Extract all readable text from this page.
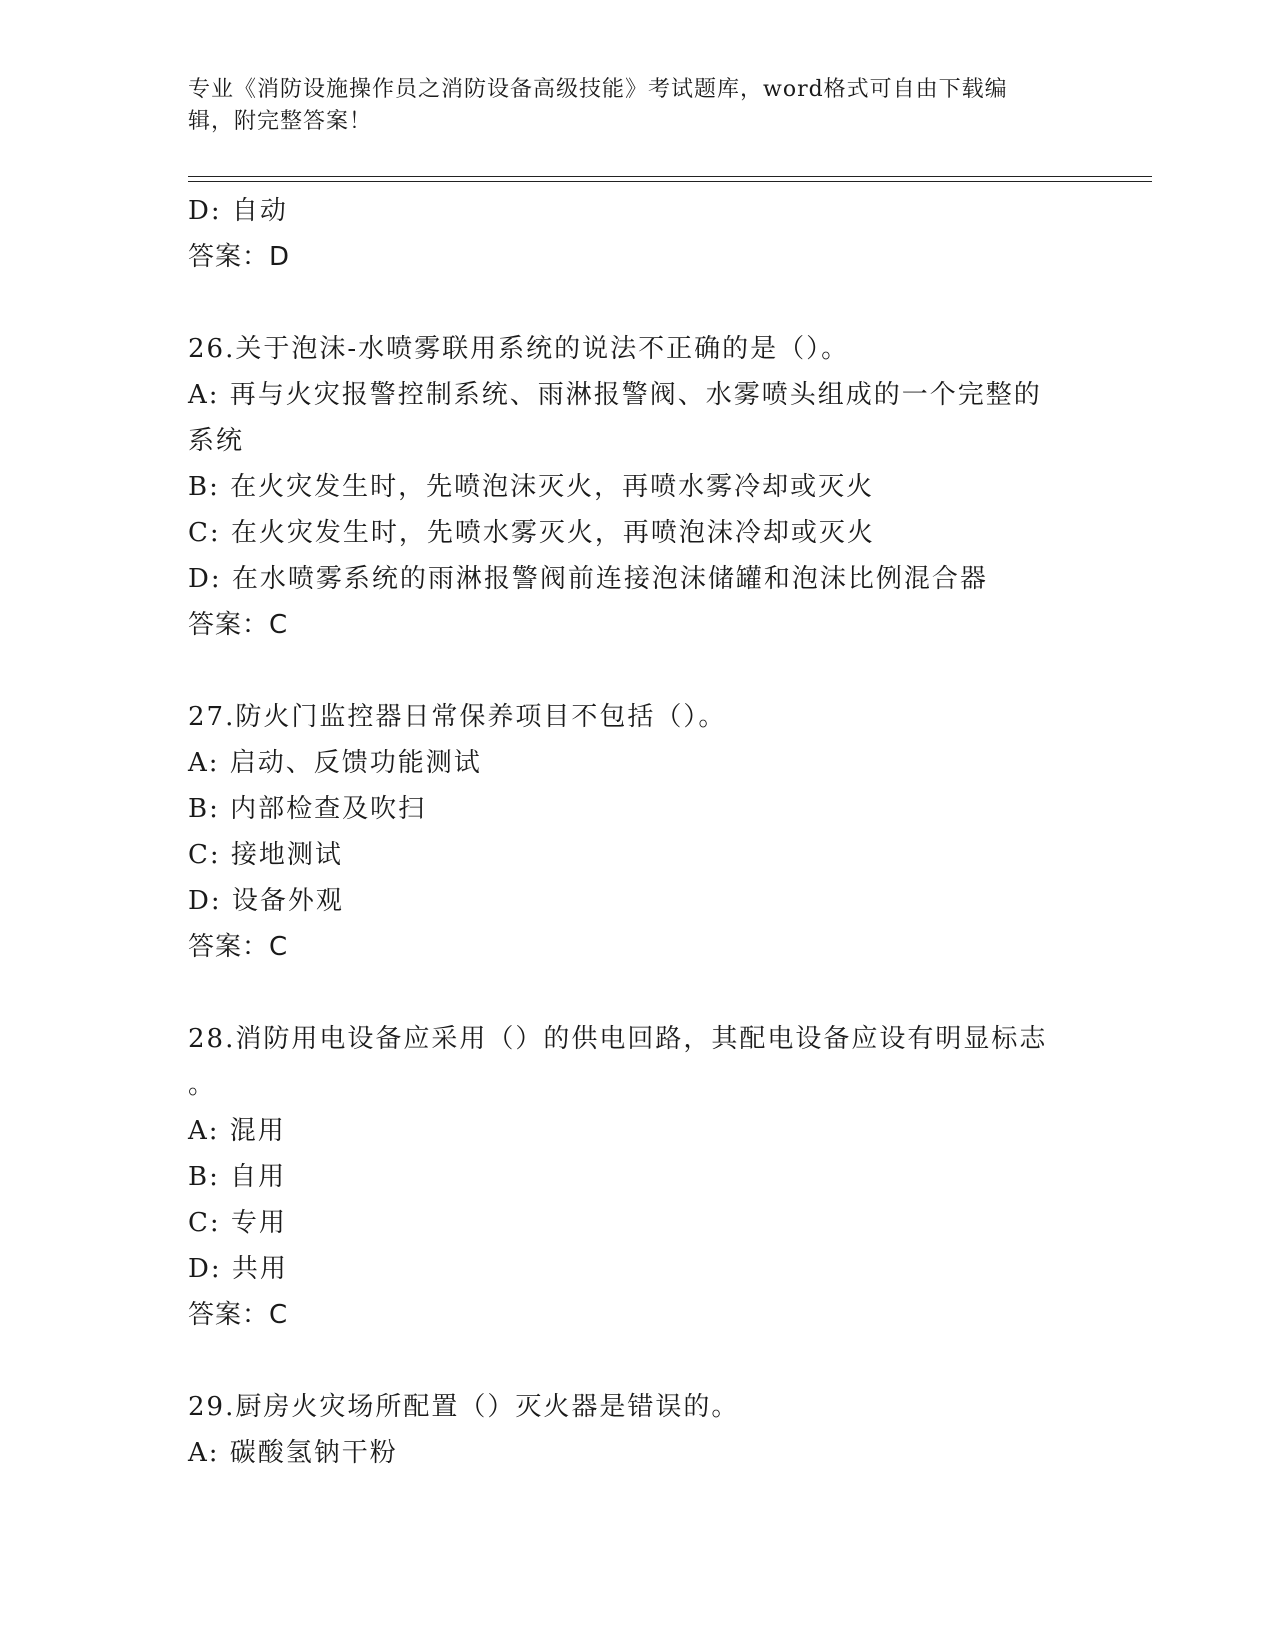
专业《消防设施操作员之消防设备高级技能》考试题库，word格式可自由下载编
辑，附完整答案！
D: 自动
答案：D
26.关于泡沫-水喷雾联用系统的说法不正确的是（）。
A: 再与火灾报警控制系统、雨淋报警阀、水雾喷头组成的一个完整的
系统
B: 在火灾发生时，先喷泡沫灭火，再喷水雾冷却或灭火
C: 在火灾发生时，先喷水雾灭火，再喷泡沫冷却或灭火
D: 在水喷雾系统的雨淋报警阀前连接泡沫储罐和泡沫比例混合器
答案：C
27.防火门监控器日常保养项目不包括（）。
A: 启动、反馈功能测试
B: 内部检查及吹扫
C: 接地测试
D: 设备外观
答案：C
28.消防用电设备应采用（）的供电回路，其配电设备应设有明显标志
。
A: 混用
B: 自用
C: 专用
D: 共用
答案：C
29.厨房火灾场所配置（）灭火器是错误的。
A: 碳酸氢钠干粉
